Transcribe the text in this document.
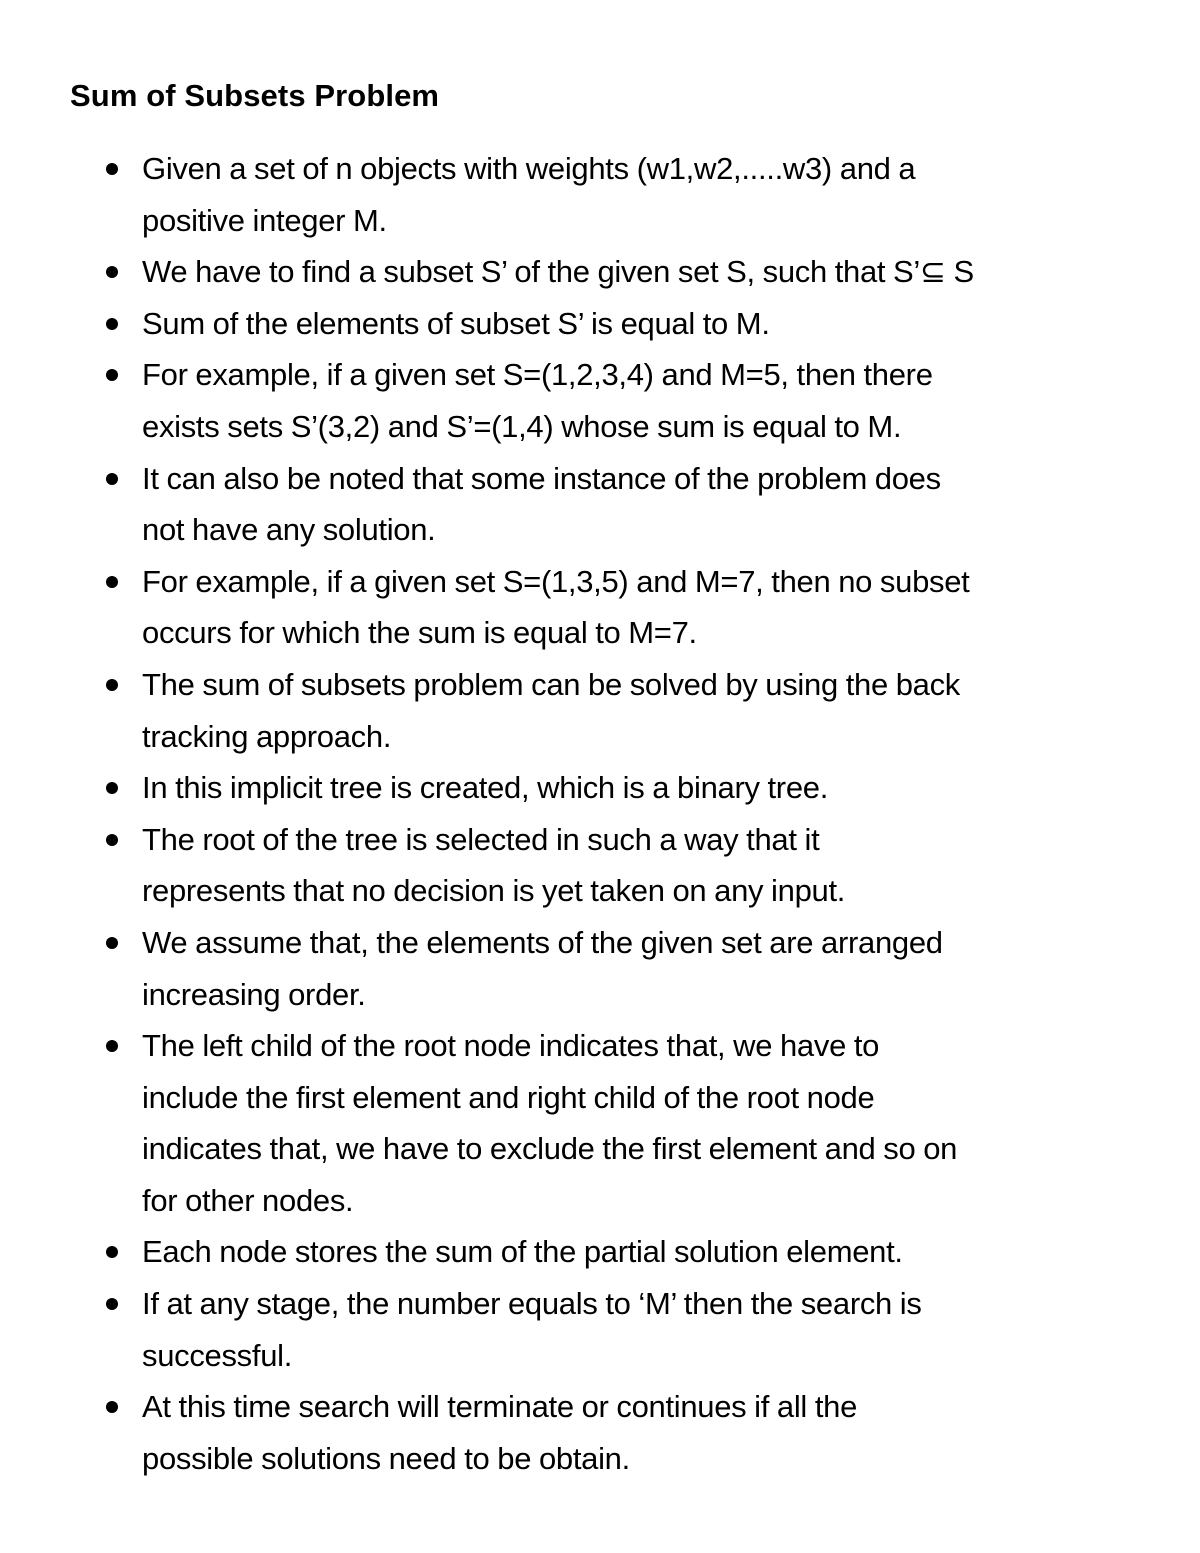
Sum of Subsets Problem
Given a set of n objects with weights (w1,w2,.....w3) and a
positive integer M.
We have to find a subset S’ of the given set S, such that S’⊆ S
Sum of the elements of subset S’ is equal to M.
For example, if a given set S=(1,2,3,4) and M=5, then there
exists sets S’(3,2) and S’=(1,4) whose sum is equal to M.
It can also be noted that some instance of the problem does
not have any solution.
For example, if a given set S=(1,3,5) and M=7, then no subset
occurs for which the sum is equal to M=7.
The sum of subsets problem can be solved by using the back
tracking approach.
In this implicit tree is created, which is a binary tree.
The root of the tree is selected in such a way that it
represents that no decision is yet taken on any input.
We assume that, the elements of the given set are arranged
increasing order.
The left child of the root node indicates that, we have to
include the first element and right child of the root node
indicates that, we have to exclude the first element and so on
for other nodes.
Each node stores the sum of the partial solution element.
If at any stage, the number equals to ‘M’ then the search is
successful.
At this time search will terminate or continues if all the
possible solutions need to be obtain.
